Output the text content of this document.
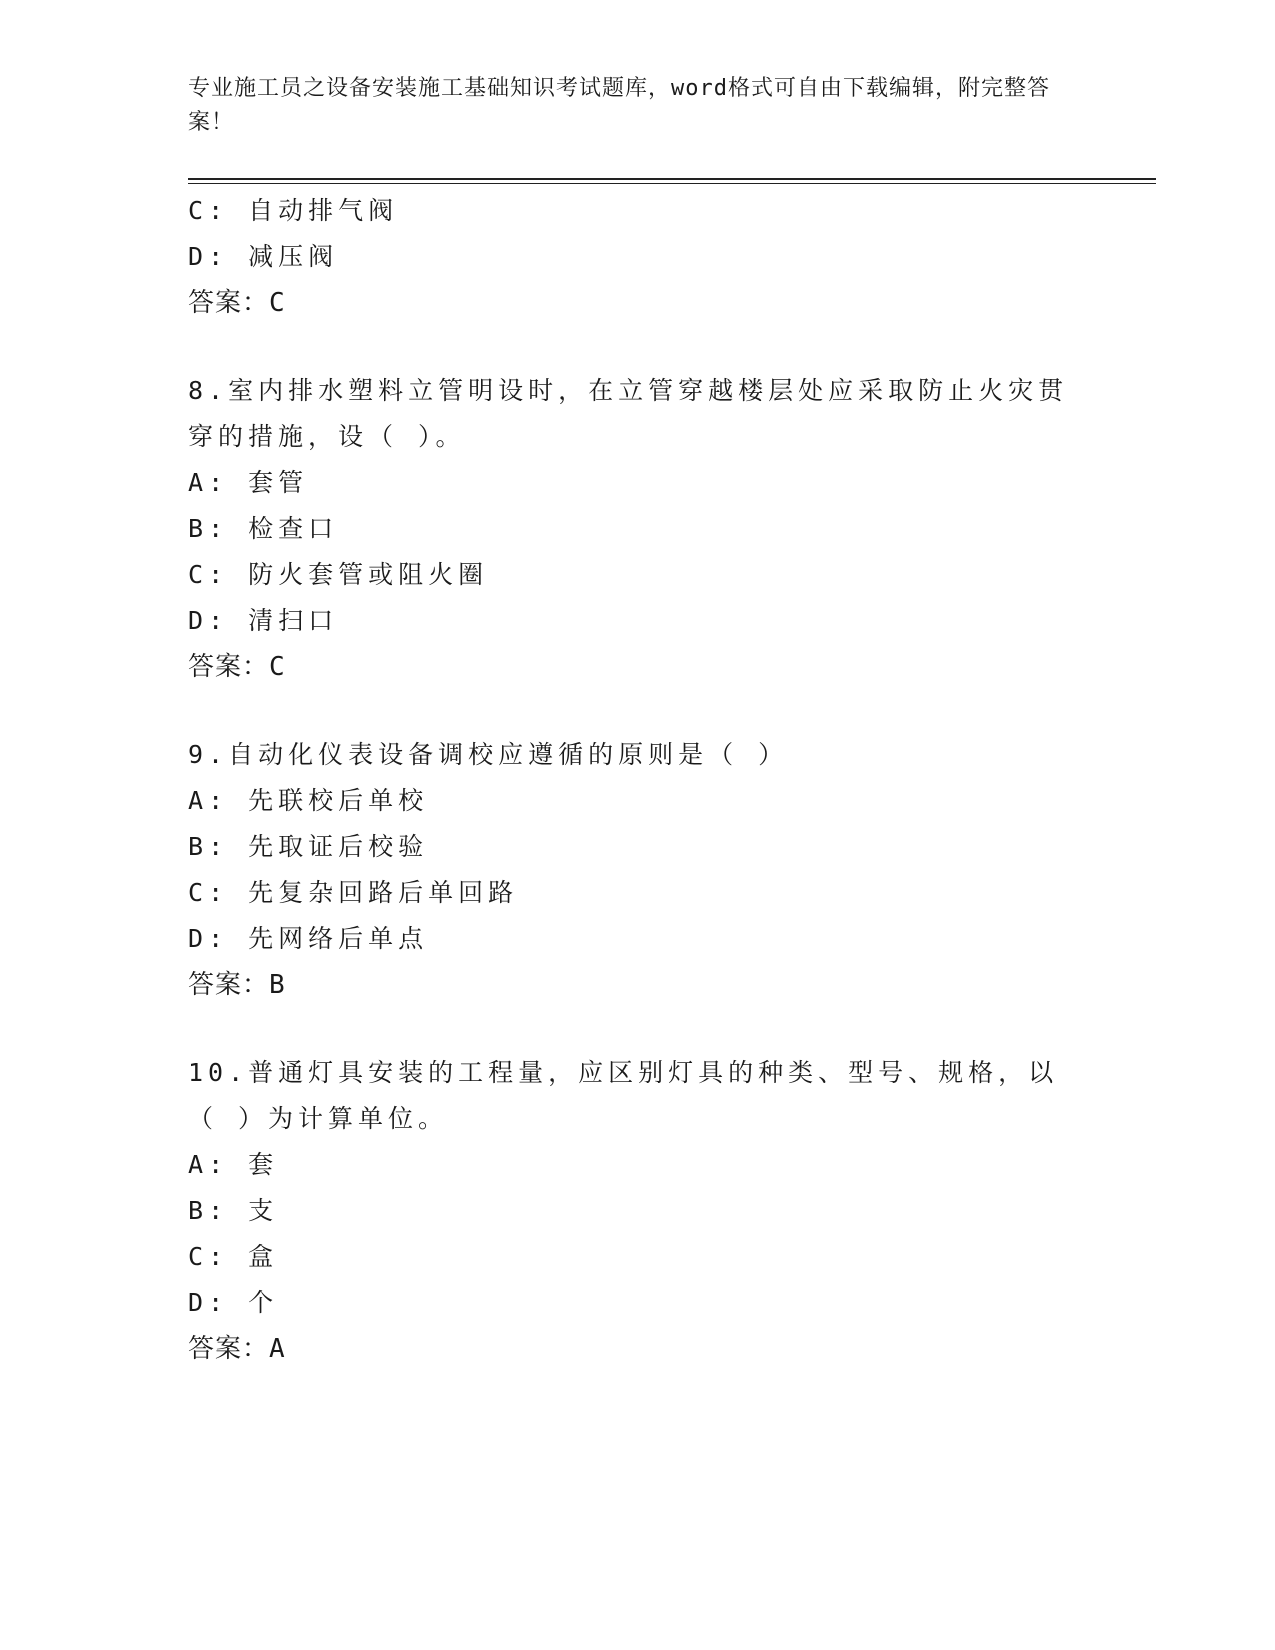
专业施工员之设备安装施工基础知识考试题库，word格式可自由下载编辑，附完整答案！
C: 自动排气阀
D: 减压阀
答案：C
8.室内排水塑料立管明设时，在立管穿越楼层处应采取防止火灾贯穿的措施，设（ ）。
A: 套管
B: 检查口
C: 防火套管或阻火圈
D: 清扫口
答案：C
9.自动化仪表设备调校应遵循的原则是（ ）
A: 先联校后单校
B: 先取证后校验
C: 先复杂回路后单回路
D: 先网络后单点
答案：B
10.普通灯具安装的工程量，应区别灯具的种类、型号、规格，以（ ）为计算单位。
A: 套
B: 支
C: 盒
D: 个
答案：A
